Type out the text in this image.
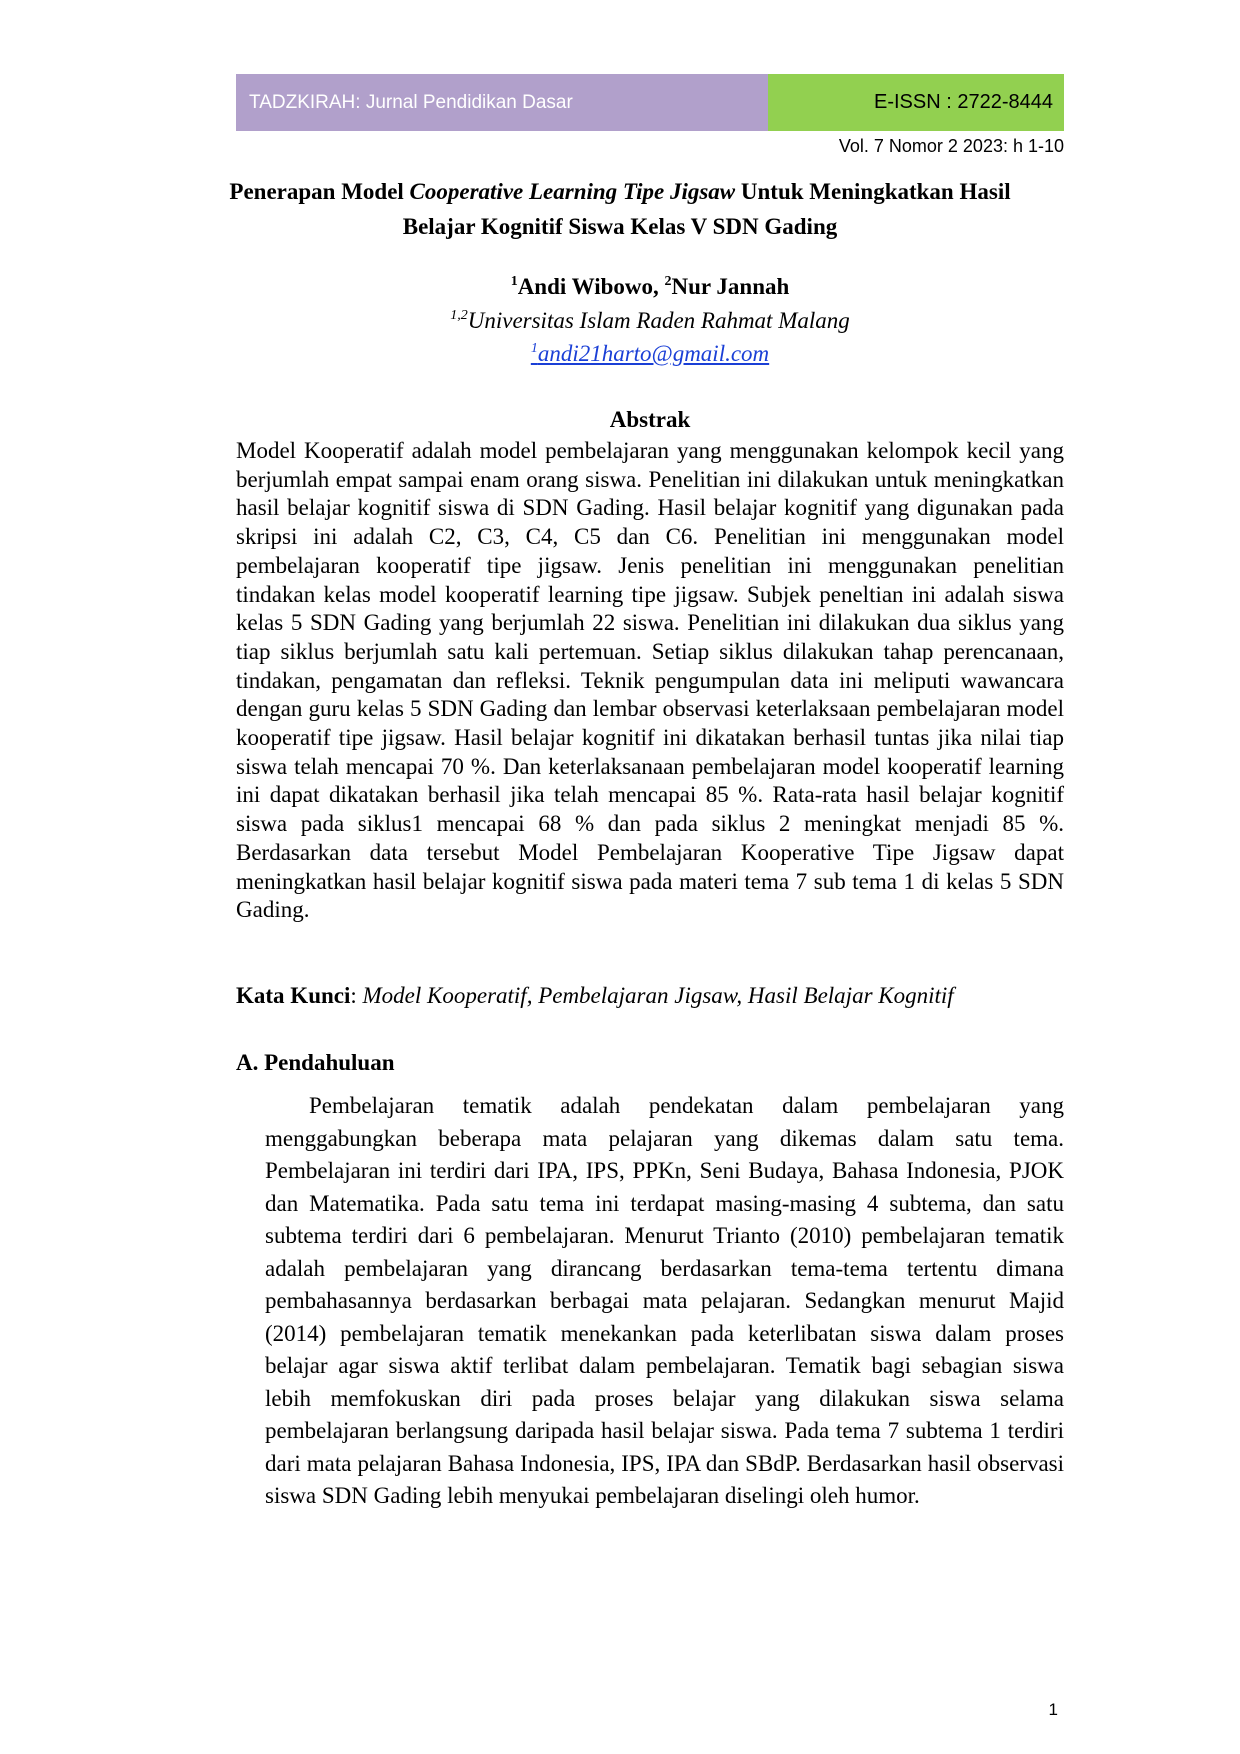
TADZKIRAH: Jurnal Pendidikan Dasar	E-ISSN : 2722-8444
Vol. 7 Nomor 2 2023: h 1-10
Penerapan Model Cooperative Learning Tipe Jigsaw Untuk Meningkatkan Hasil Belajar Kognitif Siswa Kelas V SDN Gading
$^1$Andi Wibowo, $^2$Nur Jannah
$^{1,2}$Universitas Islam Raden Rahmat Malang
$^1$andi21harto@gmail.com
Abstrak

Model Kooperatif adalah model pembelajaran yang menggunakan kelompok kecil yang berjumlah empat sampai enam orang siswa. Penelitian ini dilakukan untuk meningkatkan hasil belajar kognitif siswa di SDN Gading. Hasil belajar kognitif yang digunakan pada skripsi ini adalah C2, C3, C4, C5 dan C6. Penelitian ini menggunakan model pembelajaran kooperatif tipe jigsaw. Jenis penelitian ini menggunakan penelitian tindakan kelas model kooperatif learning tipe jigsaw. Subjek peneltian ini adalah siswa kelas 5 SDN Gading yang berjumlah 22 siswa. Penelitian ini dilakukan dua siklus yang tiap siklus berjumlah satu kali pertemuan. Setiap siklus dilakukan tahap perencanaan, tindakan, pengamatan dan refleksi. Teknik pengumpulan data ini meliputi wawancara dengan guru kelas 5 SDN Gading dan lembar observasi keterlaksaan pembelajaran model kooperatif tipe jigsaw. Hasil belajar kognitif ini dikatakan berhasil tuntas jika nilai tiap siswa telah mencapai 70 %. Dan keterlaksanaan pembelajaran model kooperatif learning ini dapat dikatakan berhasil jika telah mencapai 85 %. Rata-rata hasil belajar kognitif siswa pada siklus1 mencapai 68 % dan pada siklus 2 meningkat menjadi 85 %. Berdasarkan data tersebut Model Pembelajaran Kooperative Tipe Jigsaw dapat meningkatkan hasil belajar kognitif siswa pada materi tema 7 sub tema 1 di kelas 5 SDN Gading.

Kata Kunci: Model Kooperatif, Pembelajaran Jigsaw, Hasil Belajar Kognitif
A. Pendahuluan

Pembelajaran tematik adalah pendekatan dalam pembelajaran yang menggabungkan beberapa mata pelajaran yang dikemas dalam satu tema. Pembelajaran ini terdiri dari IPA, IPS, PPKn, Seni Budaya, Bahasa Indonesia, PJOK dan Matematika. Pada satu tema ini terdapat masing-masing 4 subtema, dan satu subtema terdiri dari 6 pembelajaran. Menurut Trianto (2010) pembelajaran tematik adalah pembelajaran yang dirancang berdasarkan tema-tema tertentu dimana pembahasannya berdasarkan berbagai mata pelajaran. Sedangkan menurut Majid (2014) pembelajaran tematik menekankan pada keterlibatan siswa dalam proses belajar agar siswa aktif terlibat dalam pembelajaran. Tematik bagi sebagian siswa lebih memfokuskan diri pada proses belajar yang dilakukan siswa selama pembelajaran berlangsung daripada hasil belajar siswa. Pada tema 7 subtema 1 terdiri dari mata pelajaran Bahasa Indonesia, IPS, IPA dan SBdP. Berdasarkan hasil observasi siswa SDN Gading lebih menyukai pembelajaran diselingi oleh humor.

1
